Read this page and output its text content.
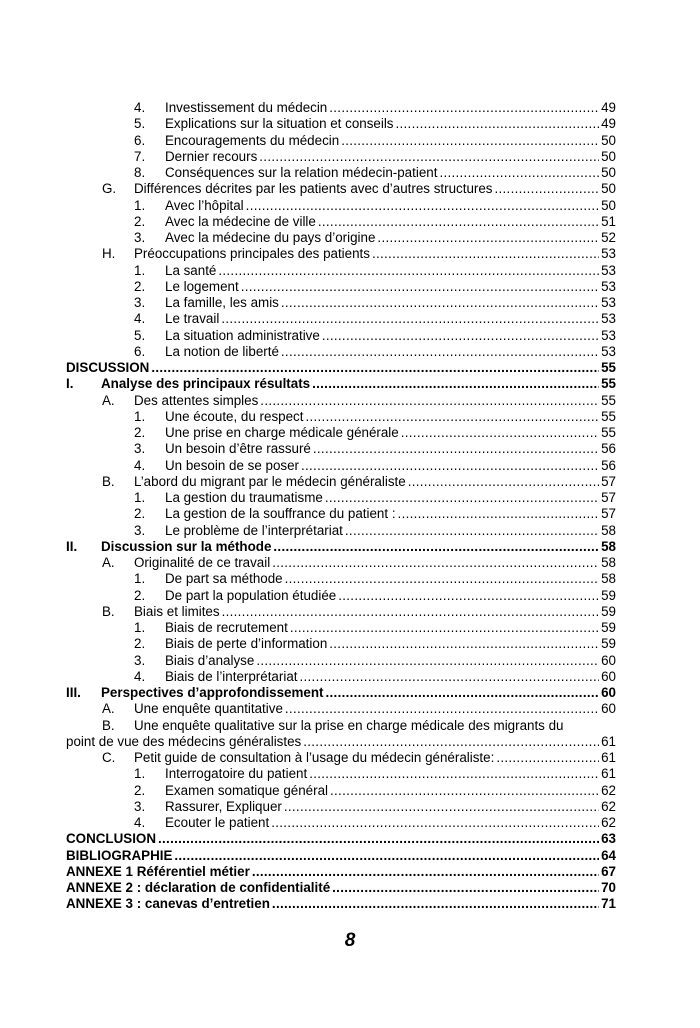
4. Investissement du médecin .....	49
5. Explications sur la situation et conseils .....	49
6. Encouragements du médecin .....	50
7. Dernier recours .....	50
8. Conséquences sur la relation médecin-patient .....	50
G. Différences décrites par les patients avec d’autres structures .....	50
1. Avec l’hôpital .....	50
2. Avec la médecine de ville .....	51
3. Avec la médecine du pays d’origine .....	52
H. Préoccupations principales des patients .....	53
1. La santé .....	53
2. Le logement .....	53
3. La famille, les amis .....	53
4. Le travail .....	53
5. La situation administrative .....	53
6. La notion de liberté .....	53
DISCUSSION .....	55
I. Analyse des principaux résultats .....	55
A. Des attentes simples .....	55
1. Une écoute, du respect .....	55
2. Une prise en charge médicale générale .....	55
3. Un besoin d’être rassuré .....	56
4. Un besoin de se poser .....	56
B. L’abord du migrant par le médecin généraliste .....	57
1. La gestion du traumatisme .....	57
2. La gestion de la souffrance du patient : .....	57
3. Le problème de l’interprétariat .....	58
II. Discussion sur la méthode .....	58
A. Originalité de ce travail .....	58
1. De part sa méthode .....	58
2. De part la population étudiée .....	59
B. Biais et limites .....	59
1. Biais de recrutement .....	59
2. Biais de perte d’information .....	59
3. Biais d’analyse .....	60
4. Biais de l’interprétariat .....	60
III. Perspectives d’approfondissement .....	60
A. Une enquête quantitative .....	60
B.	Une enquête qualitative sur la prise en charge médicale des migrants du
point de vue des médecins généralistes .....	61
C. Petit guide de consultation à l’usage du médecin généraliste: .....	61
1. Interrogatoire du patient .....	61
2. Examen somatique général .....	62
3. Rassurer, Expliquer .....	62
4. Ecouter le patient .....	62
CONCLUSION .....	63
BIBLIOGRAPHIE .....	64
ANNEXE 1 Référentiel métier .....	67
ANNEXE 2 : déclaration de confidentialité .....	70
ANNEXE 3 : canevas d’entretien .....	71
8
